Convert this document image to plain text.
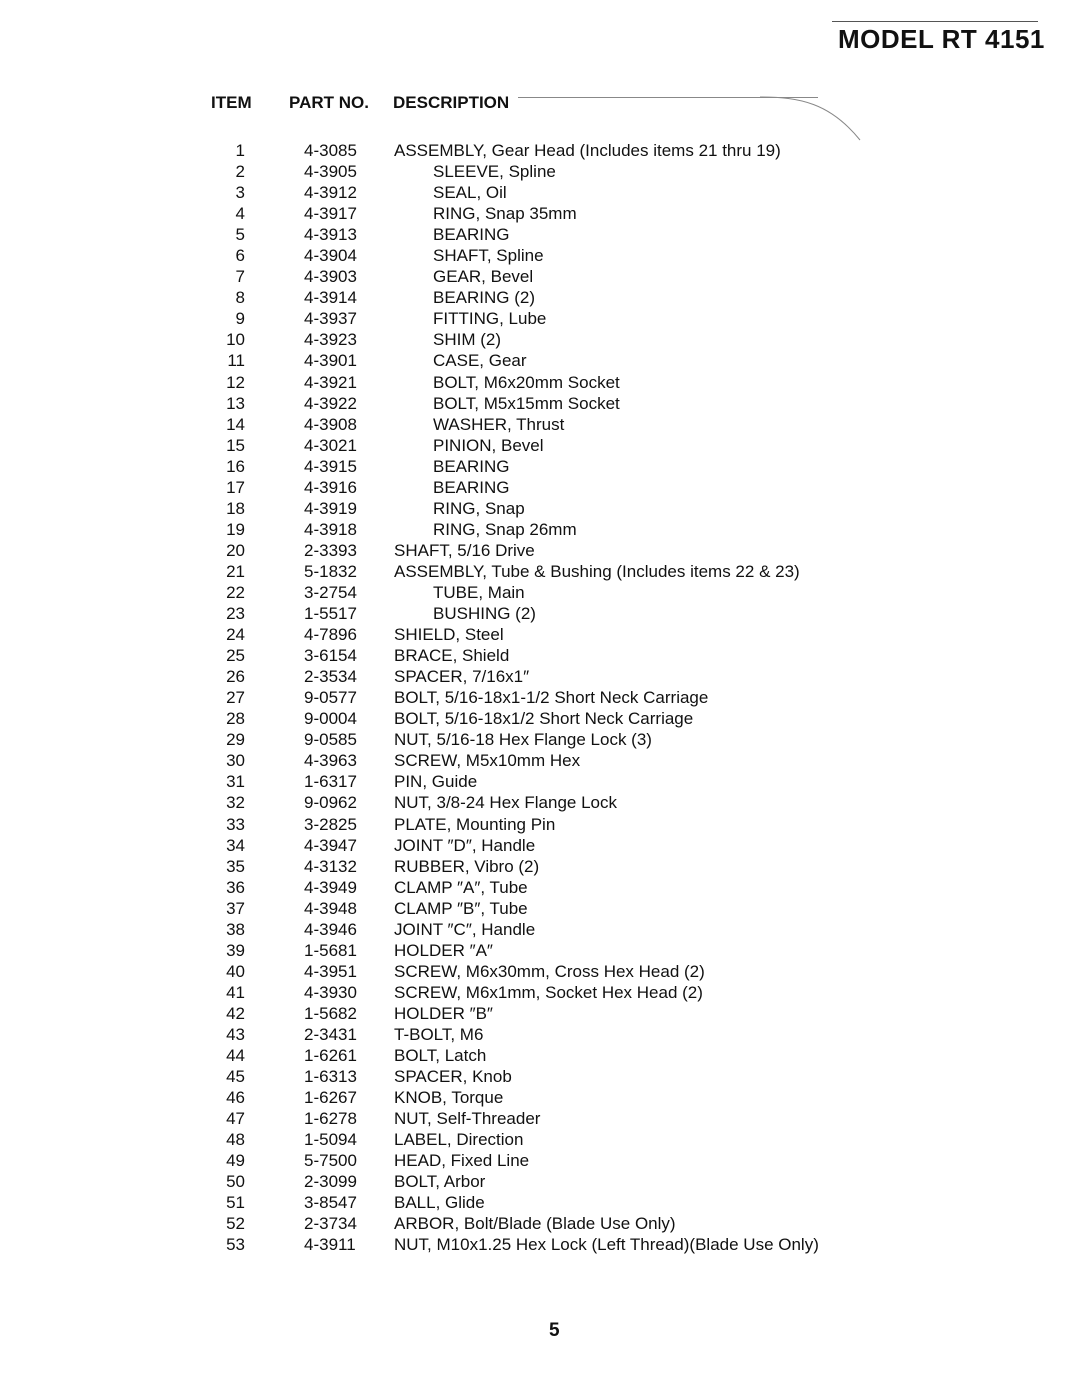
MODEL RT 4151
ITEM PART NO. DESCRIPTION
1	4-3085 ASSEMBLY, Gear Head (Includes items 21 thru 19)
2	4-3905	SLEEVE, Spline
3	4-3912	SEAL, Oil
4	4-3917	RING, Snap 35mm
5	4-3913	BEARING
6	4-3904	SHAFT, Spline
7	4-3903	GEAR, Bevel
8	4-3914	BEARING (2)
9	4-3937	FITTING, Lube
10	4-3923	SHIM (2)
11	4-3901	CASE, Gear
12	4-3921	BOLT, M6x20mm Socket
13	4-3922	BOLT, M5x15mm Socket
14	4-3908	WASHER, Thrust
15	4-3021	PINION, Bevel
16	4-3915	BEARING
17	4-3916	BEARING
18	4-3919	RING, Snap
19	4-3918	RING, Snap 26mm
20	2-3393 SHAFT, 5/16 Drive
21	5-1832 ASSEMBLY, Tube & Bushing (Includes items 22 & 23)
22	3-2754	TUBE, Main
23	1-5517	BUSHING (2)
24	4-7896 SHIELD, Steel
25	3-6154 BRACE, Shield
26	2-3534 SPACER, 7/16x1″
27	9-0577 BOLT, 5/16-18x1-1/2 Short Neck Carriage
28	9-0004 BOLT, 5/16-18x1/2 Short Neck Carriage
29	9-0585 NUT, 5/16-18 Hex Flange Lock (3)
30	4-3963 SCREW, M5x10mm Hex
31	1-6317 PIN, Guide
32	9-0962 NUT, 3/8-24 Hex Flange Lock
33	3-2825 PLATE, Mounting Pin
34	4-3947 JOINT ″D″, Handle
35	4-3132 RUBBER, Vibro (2)
36	4-3949 CLAMP ″A″, Tube
37	4-3948 CLAMP ″B″, Tube
38	4-3946 JOINT ″C″, Handle
39	1-5681 HOLDER ″A″
40	4-3951 SCREW, M6x30mm, Cross Hex Head (2)
41	4-3930 SCREW, M6x1mm, Socket Hex Head (2)
42	1-5682 HOLDER ″B″
43	2-3431 T-BOLT, M6
44	1-6261 BOLT, Latch
45	1-6313 SPACER, Knob
46	1-6267 KNOB, Torque
47	1-6278 NUT, Self-Threader
48	1-5094 LABEL, Direction
49	5-7500 HEAD, Fixed Line
50	2-3099 BOLT, Arbor
51	3-8547 BALL, Glide
52	2-3734 ARBOR, Bolt/Blade (Blade Use Only)
53	4-3911 NUT, M10x1.25 Hex Lock (Left Thread)(Blade Use Only)
5
